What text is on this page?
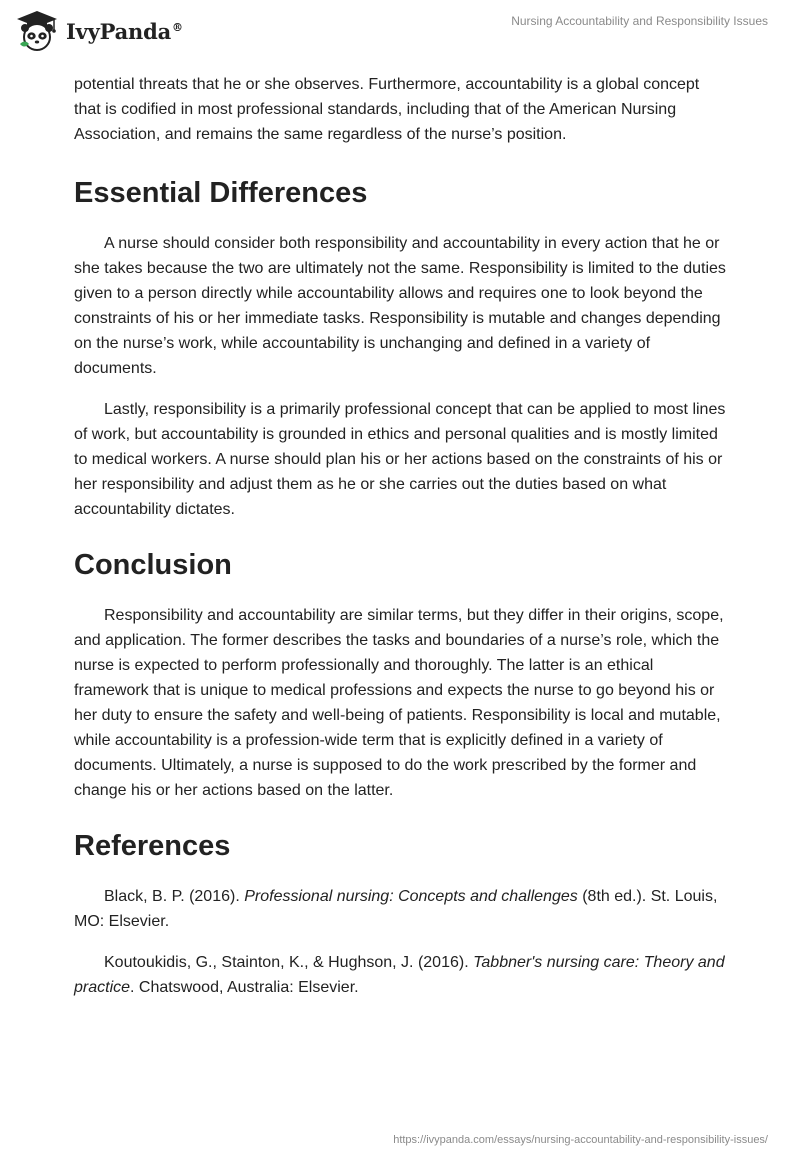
IvyPanda®	Nursing Accountability and Responsibility Issues

potential threats that he or she observes. Furthermore, accountability is a global concept that is codified in most professional standards, including that of the American Nursing Association, and remains the same regardless of the nurse’s position.

Essential Differences

A nurse should consider both responsibility and accountability in every action that he or she takes because the two are ultimately not the same. Responsibility is limited to the duties given to a person directly while accountability allows and requires one to look beyond the constraints of his or her immediate tasks. Responsibility is mutable and changes depending on the nurse’s work, while accountability is unchanging and defined in a variety of documents.

Lastly, responsibility is a primarily professional concept that can be applied to most lines of work, but accountability is grounded in ethics and personal qualities and is mostly limited to medical workers. A nurse should plan his or her actions based on the constraints of his or her responsibility and adjust them as he or she carries out the duties based on what accountability dictates.

Conclusion

Responsibility and accountability are similar terms, but they differ in their origins, scope, and application. The former describes the tasks and boundaries of a nurse’s role, which the nurse is expected to perform professionally and thoroughly. The latter is an ethical framework that is unique to medical professions and expects the nurse to go beyond his or her duty to ensure the safety and well-being of patients. Responsibility is local and mutable, while accountability is a profession-wide term that is explicitly defined in a variety of documents. Ultimately, a nurse is supposed to do the work prescribed by the former and change his or her actions based on the latter.

References

Black, B. P. (2016). Professional nursing: Concepts and challenges (8th ed.). St. Louis, MO: Elsevier.

Koutoukidis, G., Stainton, K., & Hughson, J. (2016). Tabbner's nursing care: Theory and practice. Chatswood, Australia: Elsevier.

https://ivypanda.com/essays/nursing-accountability-and-responsibility-issues/
